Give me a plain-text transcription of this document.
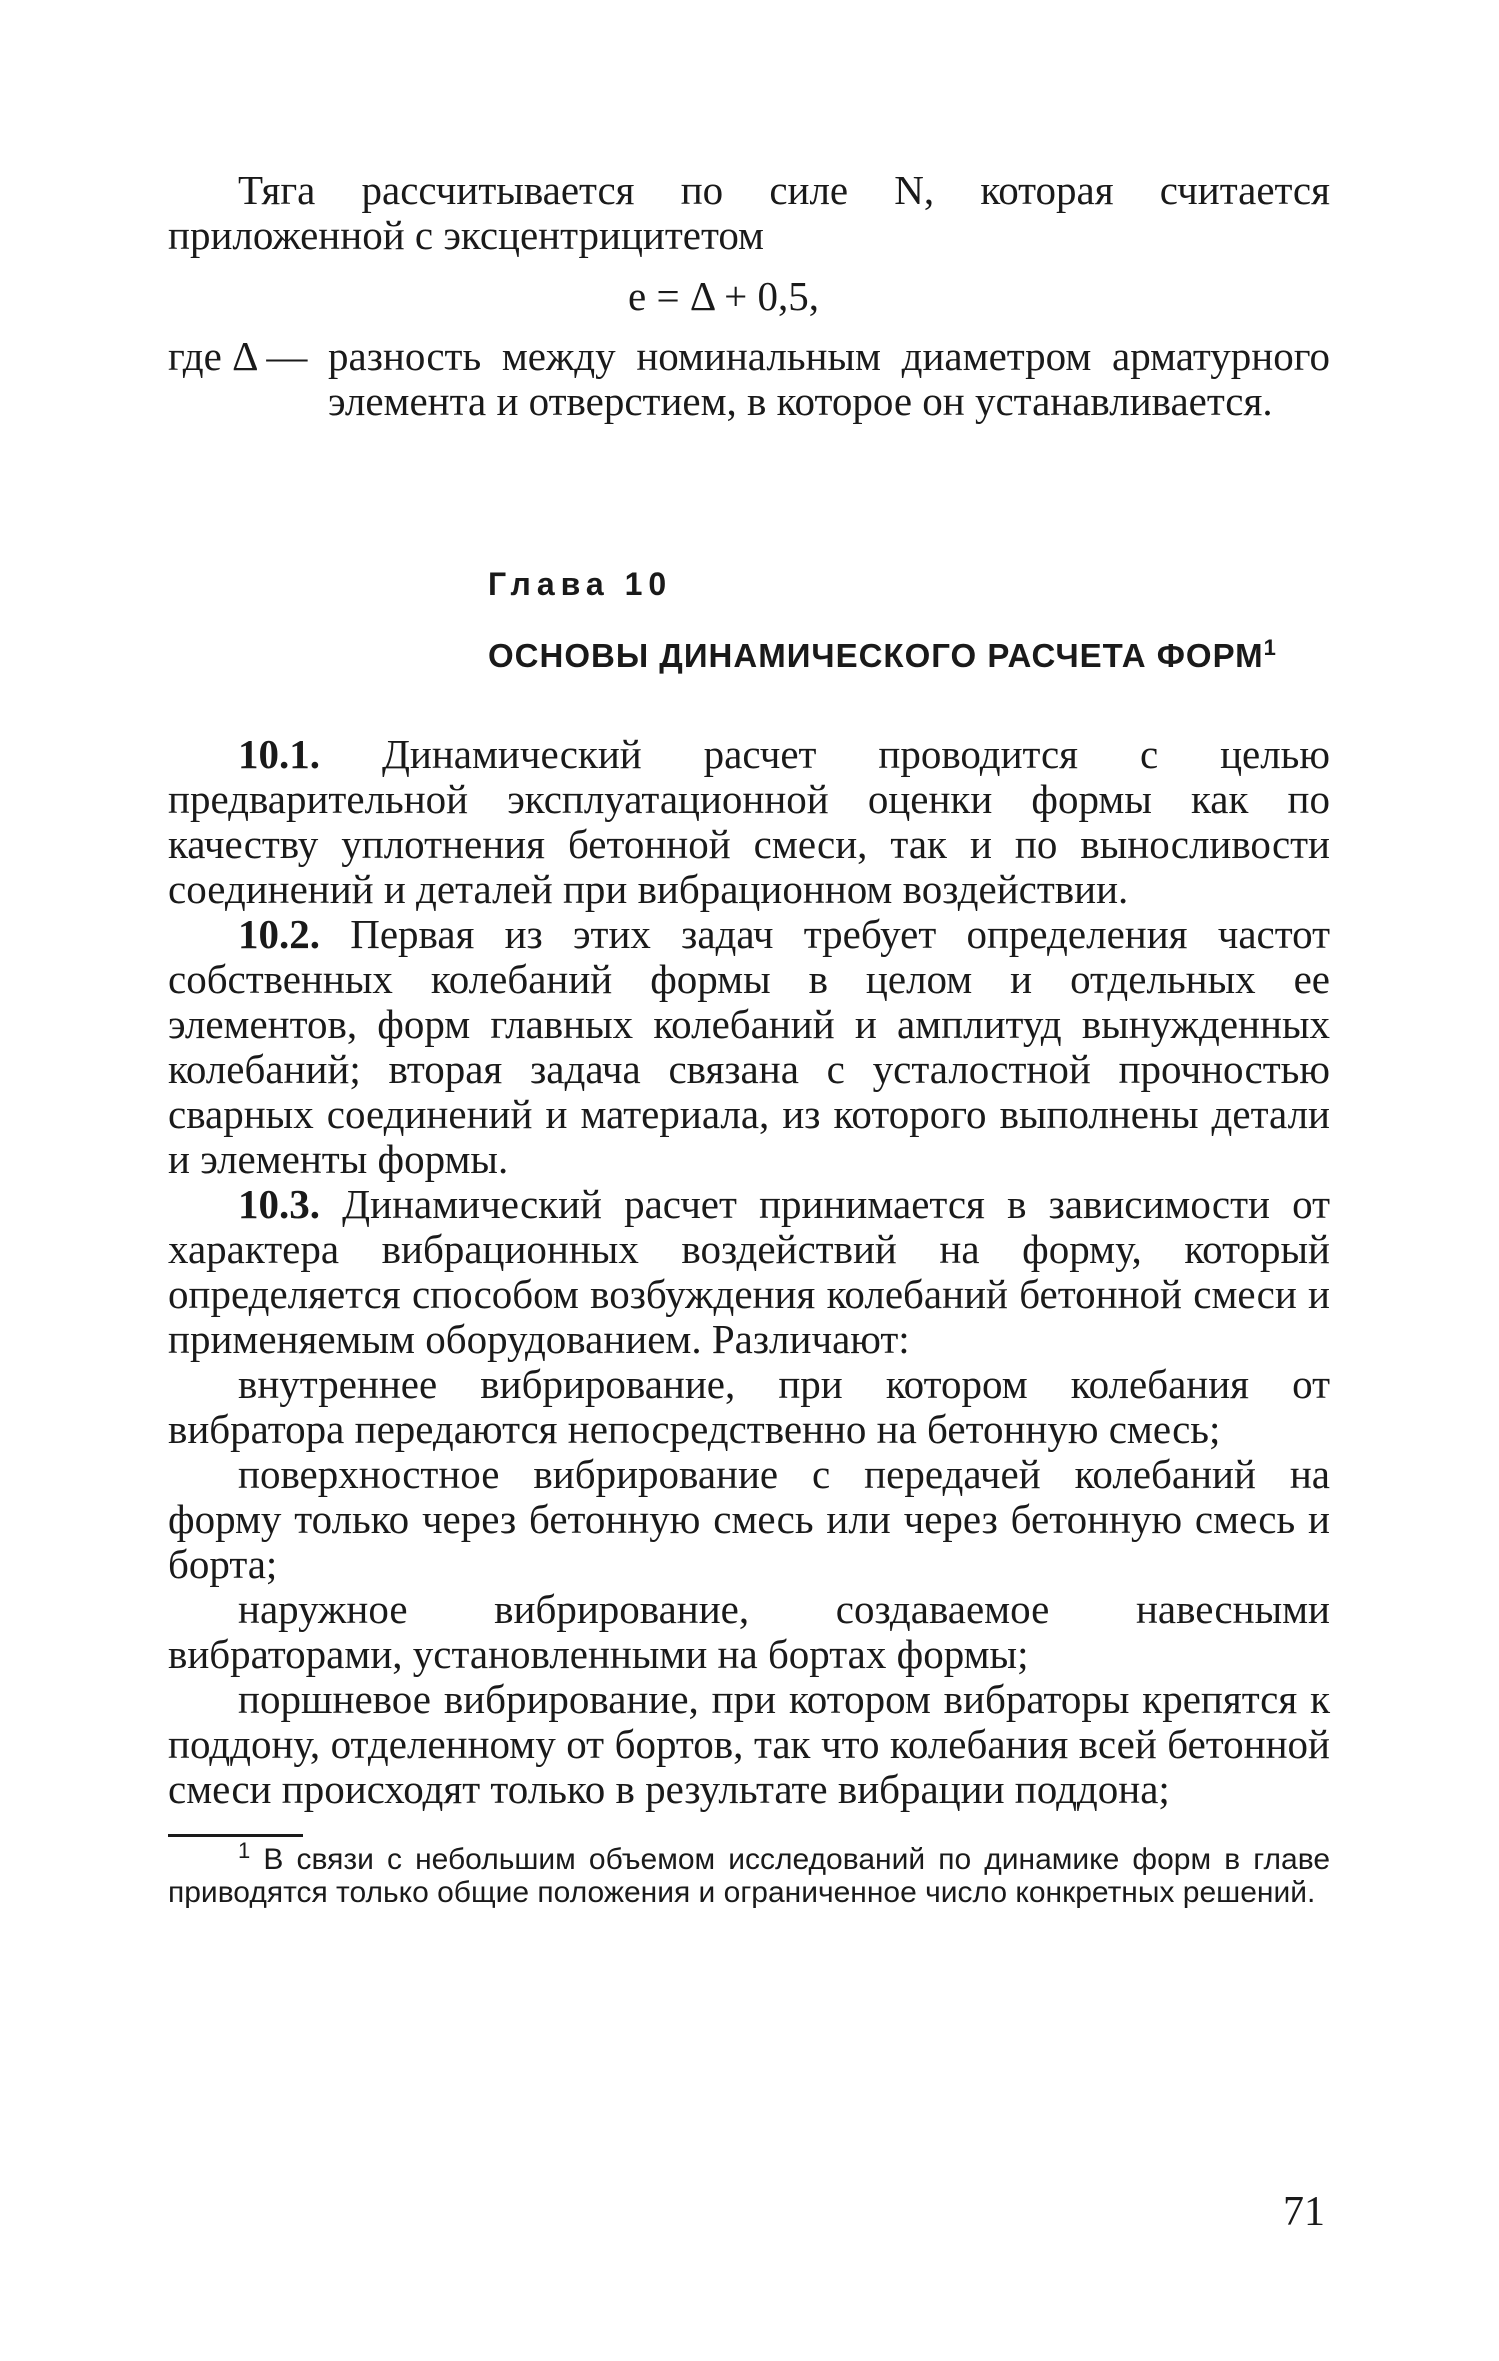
Тяга рассчитывается по силе N, которая считается приложенной с эксцентрицитетом

e = Δ + 0,5,

где Δ — разность между номинальным диаметром арматурного элемента и отверстием, в которое он устанавливается.
Глава 10
ОСНОВЫ ДИНАМИЧЕСКОГО РАСЧЕТА ФОРМ$^1$

10.1. Динамический расчет проводится с целью предварительной эксплуатационной оценки формы как по качеству уплотнения бетонной смеси, так и по выносливости соединений и деталей при вибрационном воздействии.

10.2. Первая из этих задач требует определения частот собственных колебаний формы в целом и отдельных ее элементов, форм главных колебаний и амплитуд вынужденных колебаний; вторая задача связана с усталостной прочностью сварных соединений и материала, из которого выполнены детали и элементы формы.

10.3. Динамический расчет принимается в зависимости от характера вибрационных воздействий на форму, который определяется способом возбуждения колебаний бетонной смеси и применяемым оборудованием. Различают:

внутреннее вибрирование, при котором колебания от вибратора передаются непосредственно на бетонную смесь;

поверхностное вибрирование с передачей колебаний на форму только через бетонную смесь или через бетонную смесь и борта;

наружное вибрирование, создаваемое навесными вибраторами, установленными на бортах формы;

поршневое вибрирование, при котором вибраторы крепятся к поддону, отделенному от бортов, так что колебания всей бетонной смеси происходят только в результате вибрации поддона;

$^1$ В связи с небольшим объемом исследований по динамике форм в главе приводятся только общие положения и ограниченное число конкретных решений.

71
